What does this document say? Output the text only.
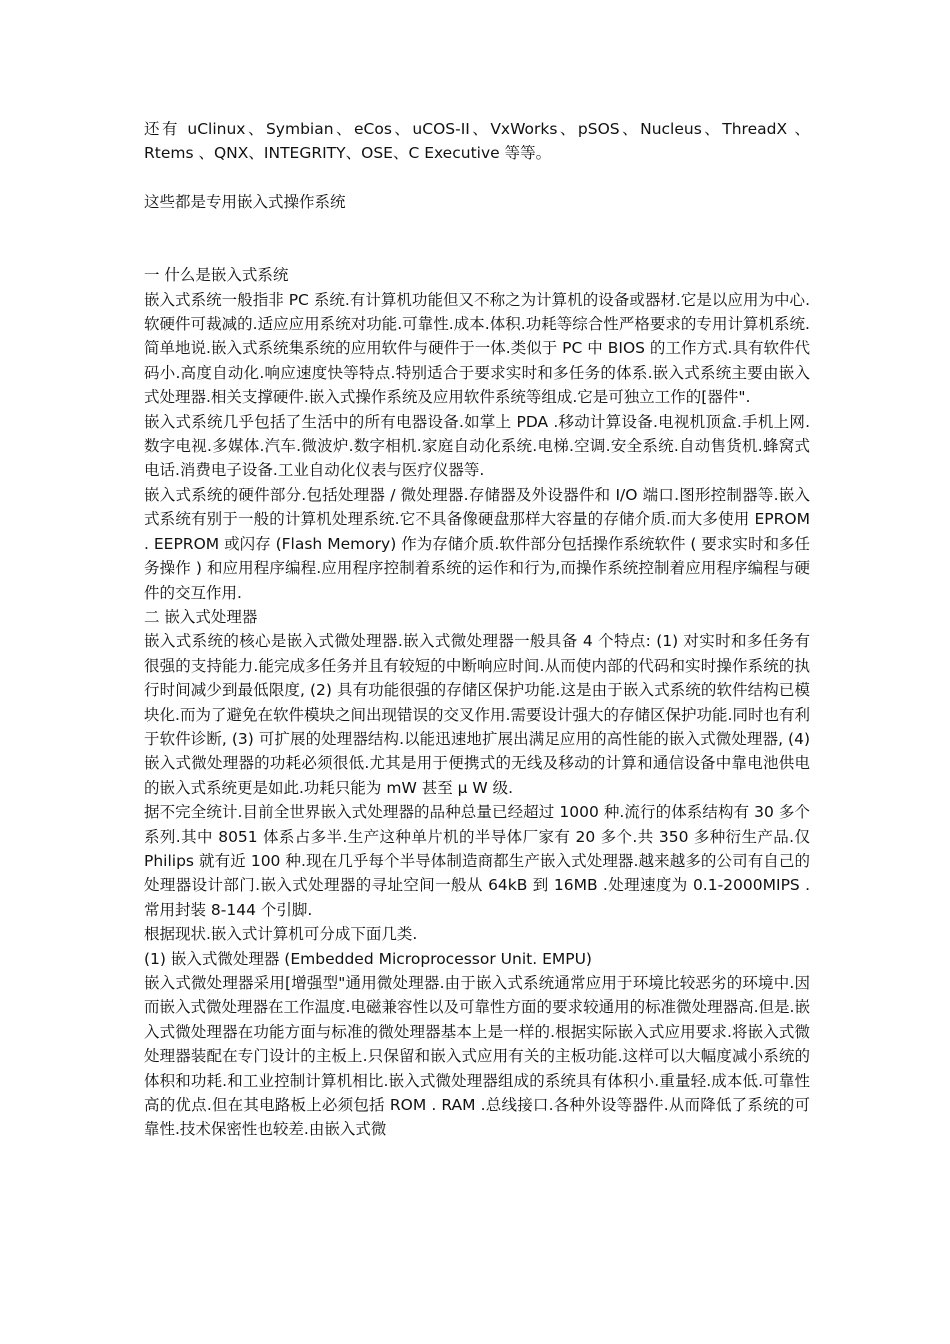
还有 uClinux、Symbian、eCos、uCOS-II、VxWorks、pSOS、Nucleus、ThreadX 、Rtems 、QNX、INTEGRITY、OSE、C Executive 等等。

这些都是专用嵌入式操作系统

一 什么是嵌入式系统

嵌入式系统一般指非 PC 系统.有计算机功能但又不称之为计算机的设备或器材.它是以应用为中心.软硬件可裁减的.适应应用系统对功能.可靠性.成本.体积.功耗等综合性严格要求的专用计算机系统.简单地说.嵌入式系统集系统的应用软件与硬件于一体.类似于 PC 中 BIOS 的工作方式.具有软件代码小.高度自动化.响应速度快等特点.特别适合于要求实时和多任务的体系.嵌入式系统主要由嵌入式处理器.相关支撑硬件.嵌入式操作系统及应用软件系统等组成.它是可独立工作的[器件".

嵌入式系统几乎包括了生活中的所有电器设备.如掌上 PDA .移动计算设备.电视机顶盒.手机上网.数字电视.多媒体.汽车.微波炉.数字相机.家庭自动化系统.电梯.空调.安全系统.自动售货机.蜂窝式电话.消费电子设备.工业自动化仪表与医疗仪器等.

嵌入式系统的硬件部分.包括处理器 / 微处理器.存储器及外设器件和 I/O 端口.图形控制器等.嵌入式系统有别于一般的计算机处理系统.它不具备像硬盘那样大容量的存储介质.而大多使用 EPROM . EEPROM 或闪存 (Flash Memory) 作为存储介质.软件部分包括操作系统软件 ( 要求实时和多任务操作 ) 和应用程序编程.应用程序控制着系统的运作和行为,而操作系统控制着应用程序编程与硬件的交互作用.

二 嵌入式处理器

嵌入式系统的核心是嵌入式微处理器.嵌入式微处理器一般具备 4 个特点: (1) 对实时和多任务有很强的支持能力.能完成多任务并且有较短的中断响应时间.从而使内部的代码和实时操作系统的执行时间减少到最低限度, (2) 具有功能很强的存储区保护功能.这是由于嵌入式系统的软件结构已模块化.而为了避免在软件模块之间出现错误的交叉作用.需要设计强大的存储区保护功能.同时也有利于软件诊断, (3) 可扩展的处理器结构.以能迅速地扩展出满足应用的高性能的嵌入式微处理器, (4) 嵌入式微处理器的功耗必须很低.尤其是用于便携式的无线及移动的计算和通信设备中靠电池供电的嵌入式系统更是如此.功耗只能为 mW 甚至 μ W 级.

据不完全统计.目前全世界嵌入式处理器的品种总量已经超过 1000 种.流行的体系结构有 30 多个系列.其中 8051 体系占多半.生产这种单片机的半导体厂家有 20 多个.共 350 多种衍生产品.仅 Philips 就有近 100 种.现在几乎每个半导体制造商都生产嵌入式处理器.越来越多的公司有自己的处理器设计部门.嵌入式处理器的寻址空间一般从 64kB 到 16MB .处理速度为 0.1-2000MIPS .常用封装 8-144 个引脚.

根据现状.嵌入式计算机可分成下面几类.

(1) 嵌入式微处理器 (Embedded Microprocessor Unit. EMPU)

嵌入式微处理器采用[增强型"通用微处理器.由于嵌入式系统通常应用于环境比较恶劣的环境中.因而嵌入式微处理器在工作温度.电磁兼容性以及可靠性方面的要求较通用的标准微处理器高.但是.嵌入式微处理器在功能方面与标准的微处理器基本上是一样的.根据实际嵌入式应用要求.将嵌入式微处理器装配在专门设计的主板上.只保留和嵌入式应用有关的主板功能.这样可以大幅度减小系统的体积和功耗.和工业控制计算机相比.嵌入式微处理器组成的系统具有体积小.重量轻.成本低.可靠性高的优点.但在其电路板上必须包括 ROM . RAM .总线接口.各种外设等器件.从而降低了系统的可靠性.技术保密性也较差.由嵌入式微
